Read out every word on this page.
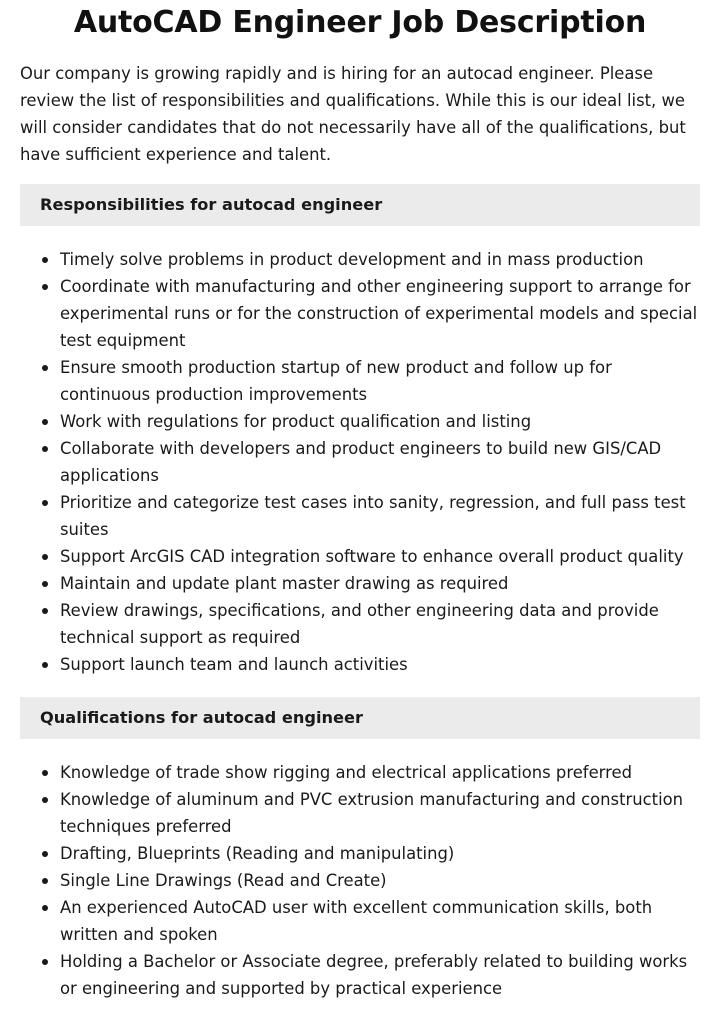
AutoCAD Engineer Job Description

Our company is growing rapidly and is hiring for an autocad engineer. Please review the list of responsibilities and qualifications. While this is our ideal list, we will consider candidates that do not necessarily have all of the qualifications, but have sufficient experience and talent.

Responsibilities for autocad engineer
Timely solve problems in product development and in mass production
Coordinate with manufacturing and other engineering support to arrange for experimental runs or for the construction of experimental models and special test equipment
Ensure smooth production startup of new product and follow up for continuous production improvements
Work with regulations for product qualification and listing
Collaborate with developers and product engineers to build new GIS/CAD applications
Prioritize and categorize test cases into sanity, regression, and full pass test suites
Support ArcGIS CAD integration software to enhance overall product quality
Maintain and update plant master drawing as required
Review drawings, specifications, and other engineering data and provide technical support as required
Support launch team and launch activities
Qualifications for autocad engineer
Knowledge of trade show rigging and electrical applications preferred
Knowledge of aluminum and PVC extrusion manufacturing and construction techniques preferred
Drafting, Blueprints (Reading and manipulating)
Single Line Drawings (Read and Create)
An experienced AutoCAD user with excellent communication skills, both written and spoken
Holding a Bachelor or Associate degree, preferably related to building works or engineering and supported by practical experience
